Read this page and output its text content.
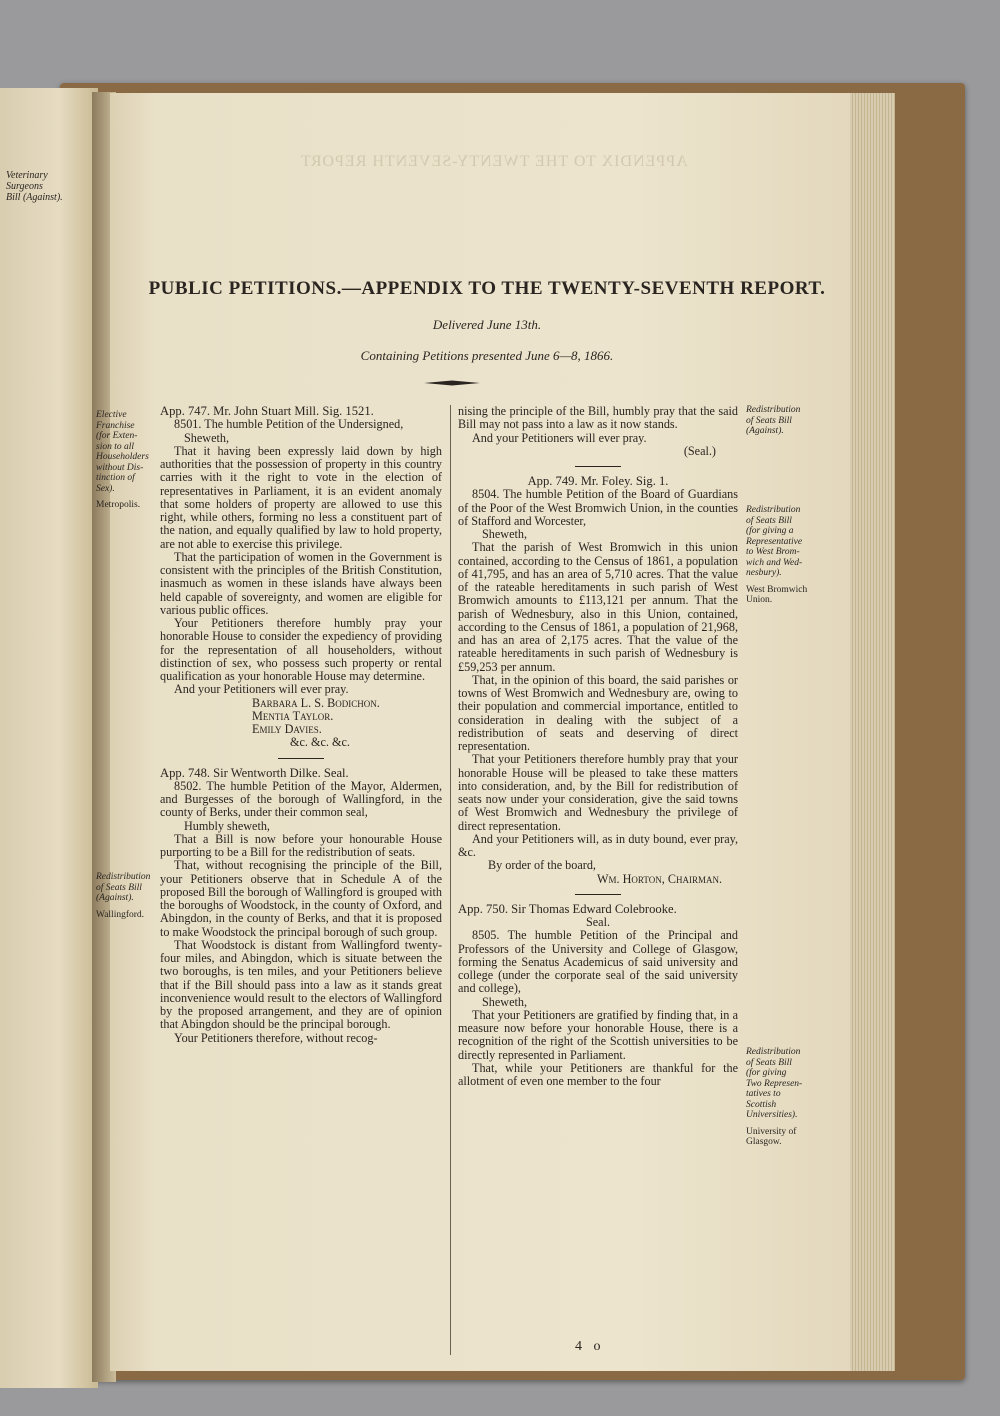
APPENDIX TO THE TWENTY-SEVENTH REPORT
Veterinary
Surgeons
Bill (Against).
PUBLIC PETITIONS.—APPENDIX TO THE TWENTY-SEVENTH REPORT.
Delivered June 13th.
Containing Petitions presented June 6—8, 1866.
Elective
Franchise
(for Exten-
sion to all
Householders
without Dis-
tinction of
Sex).
Metropolis.
Redistribution
of Seats Bill
(Against).
Wallingford.
Redistribution
of Seats Bill
(Against).
Redistribution
of Seats Bill
(for giving a
Representative
to West Brom-
wich and Wed-
nesbury).
West Bromwich Union.
Redistribution
of Seats Bill
(for giving
Two Represen-
tatives to
Scottish
Universities).
University of Glasgow.

App. 747. Mr. John Stuart Mill. Sig. 1521.

8501. The humble Petition of the Undersigned,

Sheweth,

That it having been expressly laid down by high authorities that the possession of property in this country carries with it the right to vote in the election of representatives in Parliament, it is an evident anomaly that some holders of property are allowed to use this right, while others, forming no less a constituent part of the nation, and equally qualified by law to hold property, are not able to exercise this privilege.

That the participation of women in the Government is consistent with the principles of the British Constitution, inasmuch as women in these islands have always been held capable of sovereignty, and women are eligible for various public offices.

Your Petitioners therefore humbly pray your honorable House to consider the expediency of providing for the representation of all householders, without distinction of sex, who possess such property or rental qualification as your honorable House may determine.

And your Petitioners will ever pray.

Barbara L. S. Bodichon.

Mentia Taylor.

Emily Davies.

&c. &c. &c.

App. 748. Sir Wentworth Dilke. Seal.

8502. The humble Petition of the Mayor, Aldermen, and Burgesses of the borough of Wallingford, in the county of Berks, under their common seal,

Humbly sheweth,

That a Bill is now before your honourable House purporting to be a Bill for the redistribution of seats.

That, without recognising the principle of the Bill, your Petitioners observe that in Schedule A of the proposed Bill the borough of Wallingford is grouped with the boroughs of Woodstock, in the county of Oxford, and Abingdon, in the county of Berks, and that it is proposed to make Woodstock the principal borough of such group.

That Woodstock is distant from Wallingford twenty-four miles, and Abingdon, which is situate between the two boroughs, is ten miles, and your Petitioners believe that if the Bill should pass into a law as it stands great inconvenience would result to the electors of Wallingford by the proposed arrangement, and they are of opinion that Abingdon should be the principal borough.

Your Petitioners therefore, without recog-

nising the principle of the Bill, humbly pray that the said Bill may not pass into a law as it now stands.

And your Petitioners will ever pray.

(Seal.)

App. 749. Mr. Foley. Sig. 1.

8504. The humble Petition of the Board of Guardians of the Poor of the West Bromwich Union, in the counties of Stafford and Worcester,

Sheweth,

That the parish of West Bromwich in this union contained, according to the Census of 1861, a population of 41,795, and has an area of 5,710 acres. That the value of the rateable hereditaments in such parish of West Bromwich amounts to £113,121 per annum. That the parish of Wednesbury, also in this Union, contained, according to the Census of 1861, a population of 21,968, and has an area of 2,175 acres. That the value of the rateable hereditaments in such parish of Wednesbury is £59,253 per annum.

That, in the opinion of this board, the said parishes or towns of West Bromwich and Wednesbury are, owing to their population and commercial importance, entitled to consideration in dealing with the subject of a redistribution of seats and deserving of direct representation.

That your Petitioners therefore humbly pray that your honorable House will be pleased to take these matters into consideration, and, by the Bill for redistribution of seats now under your consideration, give the said towns of West Bromwich and Wednesbury the privilege of direct representation.

And your Petitioners will, as in duty bound, ever pray, &c.

By order of the board,

Wm. Horton, Chairman.

App. 750. Sir Thomas Edward Colebrooke.

Seal.

8505. The humble Petition of the Principal and Professors of the University and College of Glasgow, forming the Senatus Academicus of said university and college (under the corporate seal of the said university and college),

Sheweth,

That your Petitioners are gratified by finding that, in a measure now before your honorable House, there is a recognition of the right of the Scottish universities to be directly represented in Parliament.

That, while your Petitioners are thankful for the allotment of even one member to the four

4 o
